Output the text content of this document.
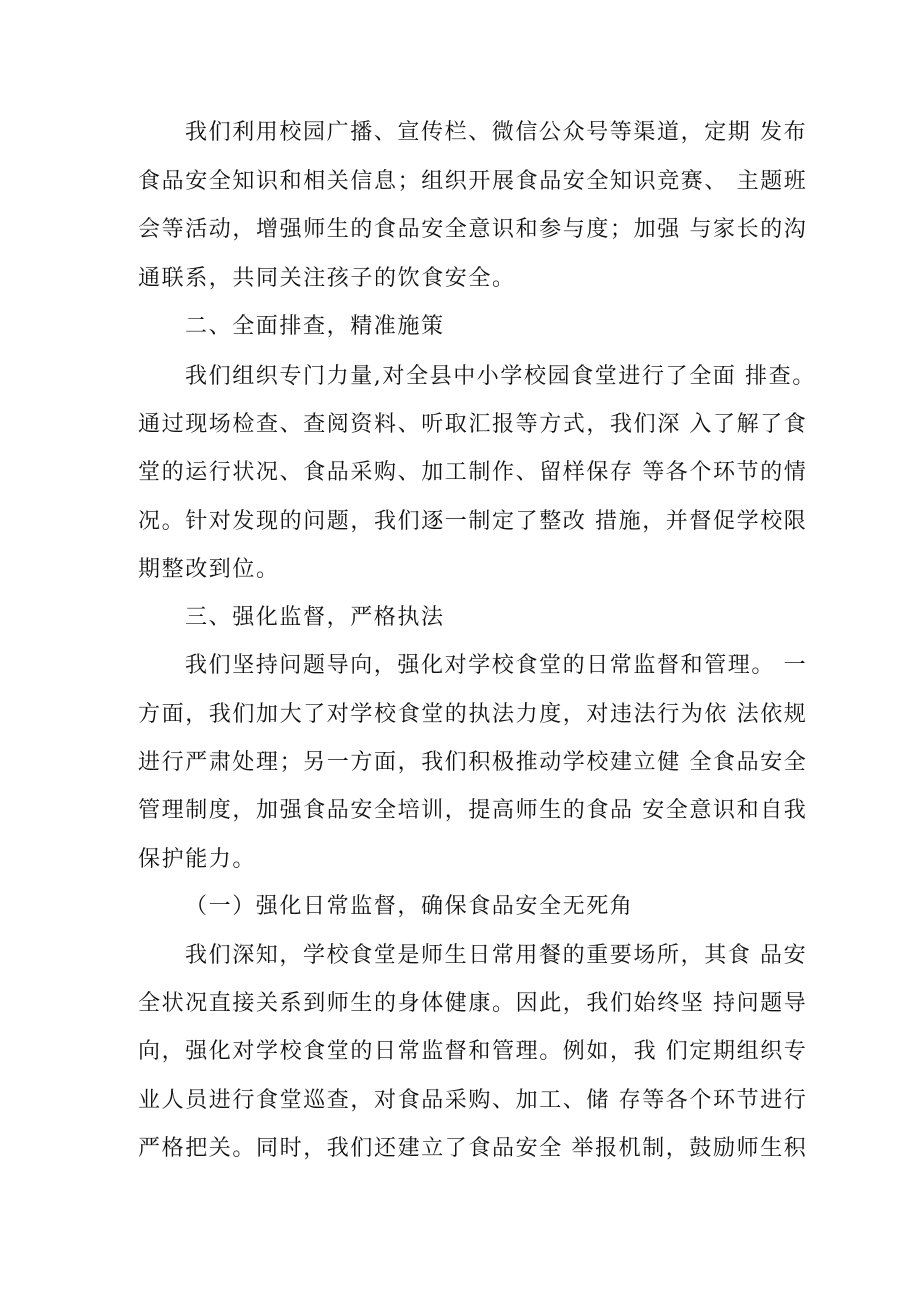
我们利用校园广播、宣传栏、微信公众号等渠道，定期 发布
食品安全知识和相关信息；组织开展食品安全知识竞赛、 主题班
会等活动，增强师生的食品安全意识和参与度；加强 与家长的沟
通联系，共同关注孩子的饮食安全。
二、全面排查，精准施策
我们组织专门力量,对全县中小学校园食堂进行了全面 排查。
通过现场检查、查阅资料、听取汇报等方式，我们深 入了解了食
堂的运行状况、食品采购、加工制作、留样保存 等各个环节的情
况。针对发现的问题，我们逐一制定了整改 措施，并督促学校限
期整改到位。
三、强化监督，严格执法
我们坚持问题导向，强化对学校食堂的日常监督和管理。 一
方面，我们加大了对学校食堂的执法力度，对违法行为依 法依规
进行严肃处理；另一方面，我们积极推动学校建立健 全食品安全
管理制度，加强食品安全培训，提高师生的食品 安全意识和自我
保护能力。
（一）强化日常监督，确保食品安全无死角
我们深知，学校食堂是师生日常用餐的重要场所，其食 品安
全状况直接关系到师生的身体健康。因此，我们始终坚 持问题导
向，强化对学校食堂的日常监督和管理。例如，我 们定期组织专
业人员进行食堂巡查，对食品采购、加工、储 存等各个环节进行
严格把关。同时，我们还建立了食品安全 举报机制，鼓励师生积
